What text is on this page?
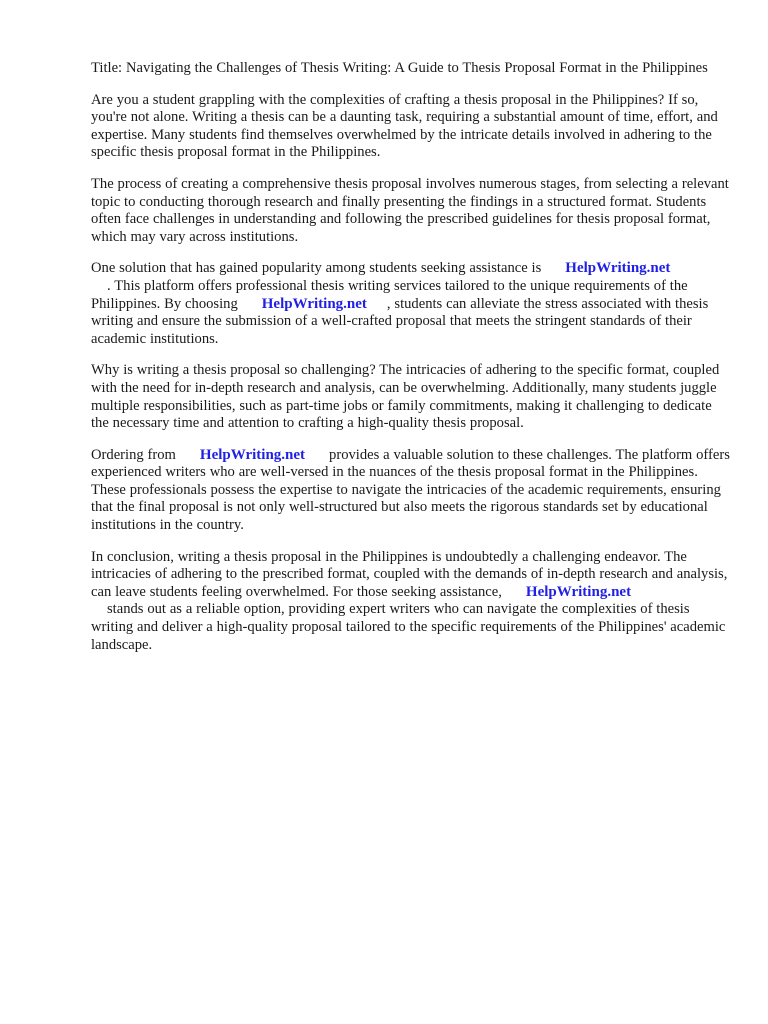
Title: Navigating the Challenges of Thesis Writing: A Guide to Thesis Proposal Format in the Philippines

Are you a student grappling with the complexities of crafting a thesis proposal in the Philippines? If so, you're not alone. Writing a thesis can be a daunting task, requiring a substantial amount of time, effort, and expertise. Many students find themselves overwhelmed by the intricate details involved in adhering to the specific thesis proposal format in the Philippines.

The process of creating a comprehensive thesis proposal involves numerous stages, from selecting a relevant topic to conducting thorough research and finally presenting the findings in a structured format. Students often face challenges in understanding and following the prescribed guidelines for thesis proposal format, which may vary across institutions.

One solution that has gained popularity among students seeking assistance is HelpWriting.net
. This platform offers professional thesis writing services tailored to the unique requirements of the Philippines. By choosing HelpWriting.net , students can alleviate the stress associated with thesis writing and ensure the submission of a well-crafted proposal that meets the stringent standards of their academic institutions.

Why is writing a thesis proposal so challenging? The intricacies of adhering to the specific format, coupled with the need for in-depth research and analysis, can be overwhelming. Additionally, many students juggle multiple responsibilities, such as part-time jobs or family commitments, making it challenging to dedicate the necessary time and attention to crafting a high-quality thesis proposal.

Ordering from HelpWriting.net provides a valuable solution to these challenges. The platform offers experienced writers who are well-versed in the nuances of the thesis proposal format in the Philippines. These professionals possess the expertise to navigate the intricacies of the academic requirements, ensuring that the final proposal is not only well-structured but also meets the rigorous standards set by educational institutions in the country.

In conclusion, writing a thesis proposal in the Philippines is undoubtedly a challenging endeavor. The intricacies of adhering to the prescribed format, coupled with the demands of in-depth research and analysis, can leave students feeling overwhelmed. For those seeking assistance, HelpWriting.net
stands out as a reliable option, providing expert writers who can navigate the complexities of thesis writing and deliver a high-quality proposal tailored to the specific requirements of the Philippines' academic landscape.
